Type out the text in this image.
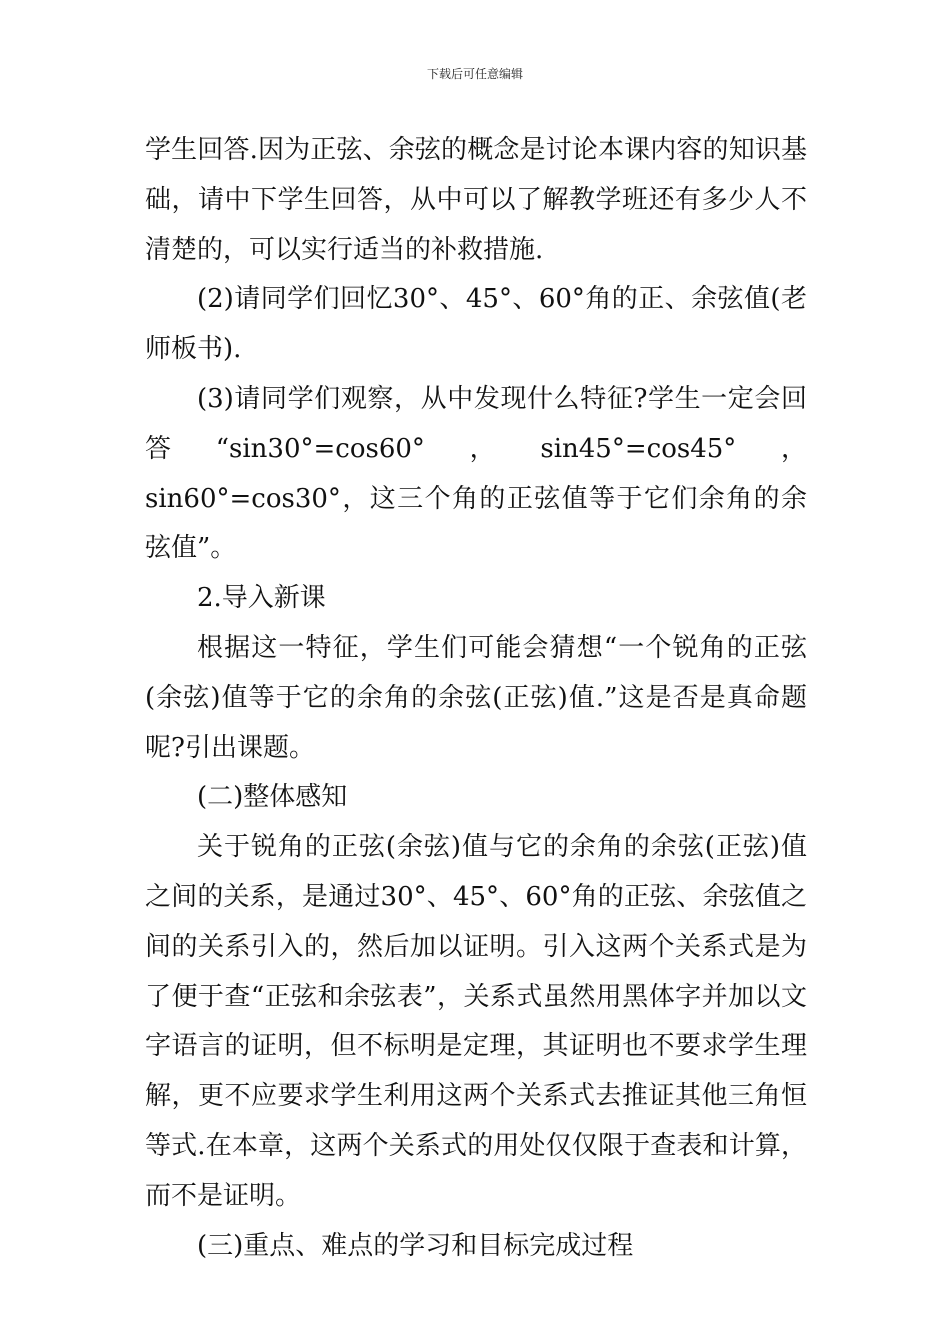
下载后可任意编辑

学生回答.因为正弦、余弦的概念是讨论本课内容的知识基础，请中下学生回答，从中可以了解教学班还有多少人不清楚的，可以实行适当的补救措施.

(2)请同学们回忆30°、45°、60°角的正、余弦值(老师板书).

(3)请同学们观察，从中发现什么特征?学生一定会回答“sin30°=cos60°，sin45°=cos45°，sin60°=cos30°，这三个角的正弦值等于它们余角的余弦值”。

2.导入新课

根据这一特征，学生们可能会猜想“一个锐角的正弦(余弦)值等于它的余角的余弦(正弦)值.”这是否是真命题呢?引出课题。

(二)整体感知

关于锐角的正弦(余弦)值与它的余角的余弦(正弦)值之间的关系，是通过30°、45°、60°角的正弦、余弦值之间的关系引入的，然后加以证明。引入这两个关系式是为了便于查“正弦和余弦表”，关系式虽然用黑体字并加以文字语言的证明，但不标明是定理，其证明也不要求学生理解，更不应要求学生利用这两个关系式去推证其他三角恒等式.在本章，这两个关系式的用处仅仅限于查表和计算，而不是证明。

(三)重点、难点的学习和目标完成过程
